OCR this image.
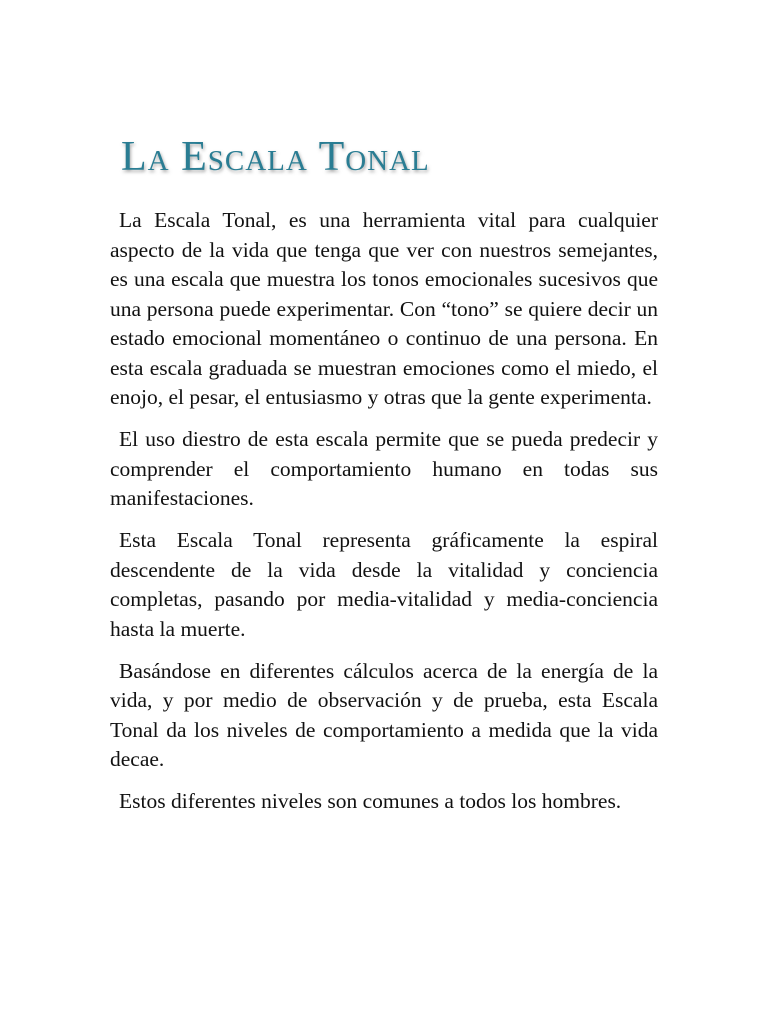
La Escala Tonal

La Escala Tonal, es una herramienta vital para cualquier aspecto de la vida que tenga que ver con nuestros semejantes, es una escala que muestra los tonos emocionales sucesivos que una persona puede experimentar. Con “tono” se quiere decir un estado emocional momentáneo o continuo de una persona. En esta escala graduada se muestran emociones como el miedo, el enojo, el pesar, el entusiasmo y otras que la gente experimenta.

El uso diestro de esta escala permite que se pueda predecir y comprender el comportamiento humano en todas sus manifestaciones.

Esta Escala Tonal representa gráficamente la espiral descendente de la vida desde la vitalidad y conciencia completas, pasando por media-vitalidad y media-conciencia hasta la muerte.

Basándose en diferentes cálculos acerca de la energía de la vida, y por medio de observación y de prueba, esta Escala Tonal da los niveles de comportamiento a medida que la vida decae.

Estos diferentes niveles son comunes a todos los hombres.
